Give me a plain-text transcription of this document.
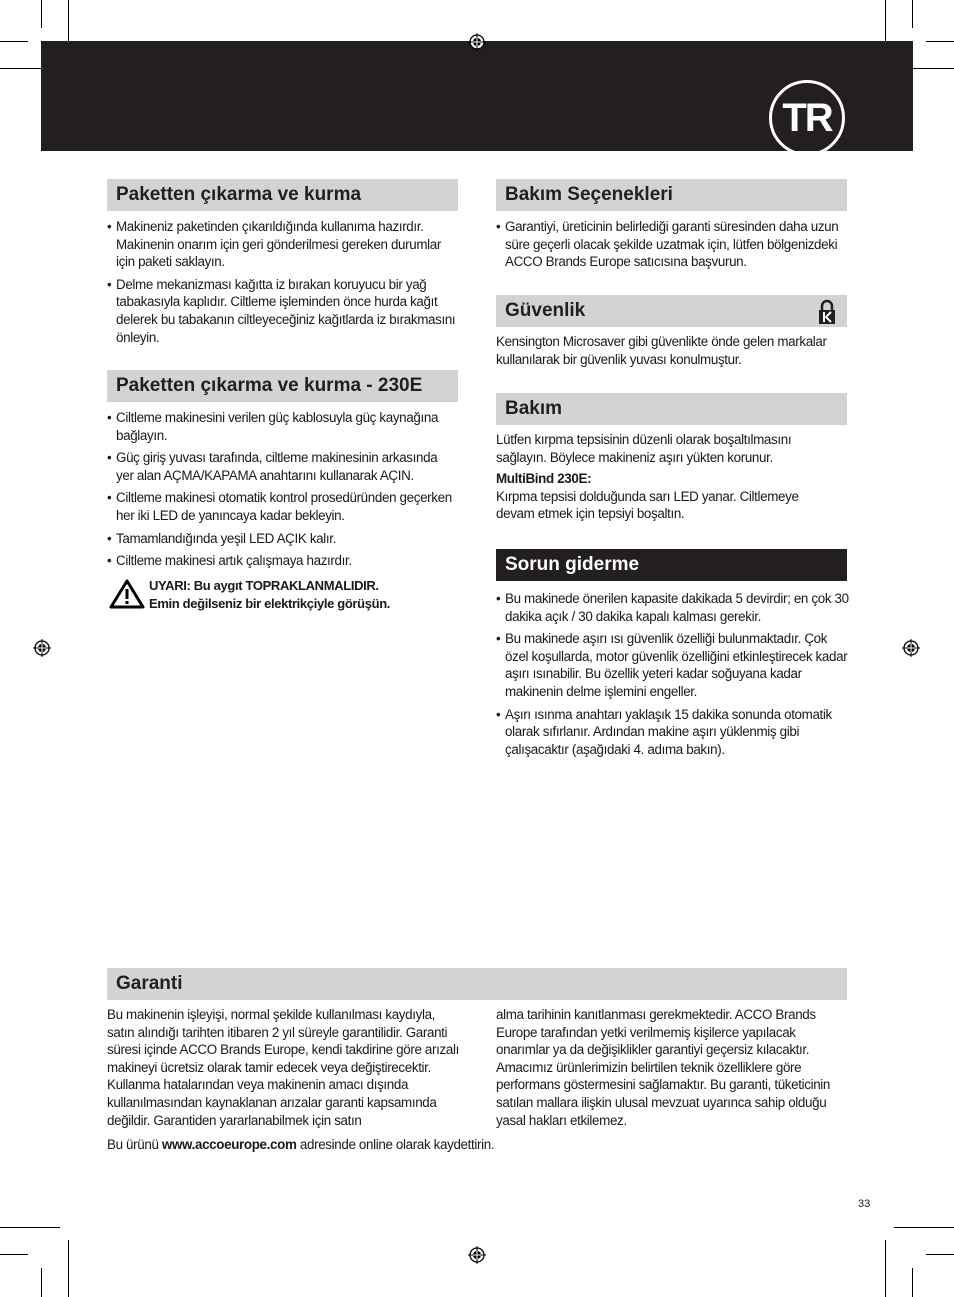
TR
Paketten çıkarma ve kurma
• Makineniz paketinden çıkarıldığında kullanıma hazırdır. Makinenin onarım için geri gönderilmesi gereken durumlar için paketi saklayın.
• Delme mekanizması kağıtta iz bırakan koruyucu bir yağ tabakasıyla kaplıdır. Ciltleme işleminden önce hurda kağıt delerek bu tabakanın ciltleyeceğiniz kağıtlarda iz bırakmasını önleyin.
Paketten çıkarma ve kurma - 230E
• Ciltleme makinesini verilen güç kablosuyla güç kaynağına bağlayın.
• Güç giriş yuvası tarafında, ciltleme makinesinin arkasında yer alan AÇMA/KAPAMA anahtarını kullanarak AÇIN.
• Ciltleme makinesi otomatik kontrol prosedüründen geçerken her iki LED de yanıncaya kadar bekleyin.
• Tamamlandığında yeşil LED AÇIK kalır.
• Ciltleme makinesi artık çalışmaya hazırdır.
UYARI: Bu aygıt TOPRAKLANMALIDIR.
Emin değilseniz bir elektrikçiyle görüşün.
Bakım Seçenekleri
• Garantiyi, üreticinin belirlediği garanti süresinden daha uzun süre geçerli olacak şekilde uzatmak için, lütfen bölgenizdeki ACCO Brands Europe satıcısına başvurun.
Güvenlik

Kensington Microsaver gibi güvenlikte önde gelen markalar kullanılarak bir güvenlik yuvası konulmuştur.

Bakım

Lütfen kırpma tepsisinin düzenli olarak boşaltılmasını sağlayın. Böylece makineniz aşırı yükten korunur.

MultiBind 230E:

Kırpma tepsisi dolduğunda sarı LED yanar. Ciltlemeye devam etmek için tepsiyi boşaltın.

Sorun giderme
• Bu makinede önerilen kapasite dakikada 5 devirdir; en çok 30 dakika açık / 30 dakika kapalı kalması gerekir.
• Bu makinede aşırı ısı güvenlik özelliği bulunmaktadır. Çok özel koşullarda, motor güvenlik özelliğini etkinleştirecek kadar aşırı ısınabilir. Bu özellik yeteri kadar soğuyana kadar makinenin delme işlemini engeller.
• Aşırı ısınma anahtarı yaklaşık 15 dakika sonunda otomatik olarak sıfırlanır. Ardından makine aşırı yüklenmiş gibi çalışacaktır (aşağıdaki 4. adıma bakın).
Garanti
Bu makinenin işleyişi, normal şekilde kullanılması kaydıyla, satın alındığı tarihten itibaren 2 yıl süreyle garantilidir. Garanti süresi içinde ACCO Brands Europe, kendi takdirine göre arızalı makineyi ücretsiz olarak tamir edecek veya değiştirecektir. Kullanma hatalarından veya makinenin amacı dışında kullanılmasından kaynaklanan arızalar garanti kapsamında değildir. Garantiden yararlanabilmek için satın
alma tarihinin kanıtlanması gerekmektedir. ACCO Brands Europe tarafından yetki verilmemiş kişilerce yapılacak onarımlar ya da değişiklikler garantiyi geçersiz kılacaktır. Amacımız ürünlerimizin belirtilen teknik özelliklere göre performans göstermesini sağlamaktır. Bu garanti, tüketicinin satılan mallara ilişkin ulusal mevzuat uyarınca sahip olduğu yasal hakları etkilemez.
Bu ürünü www.accoeurope.com adresinde online olarak kaydettirin.
33
